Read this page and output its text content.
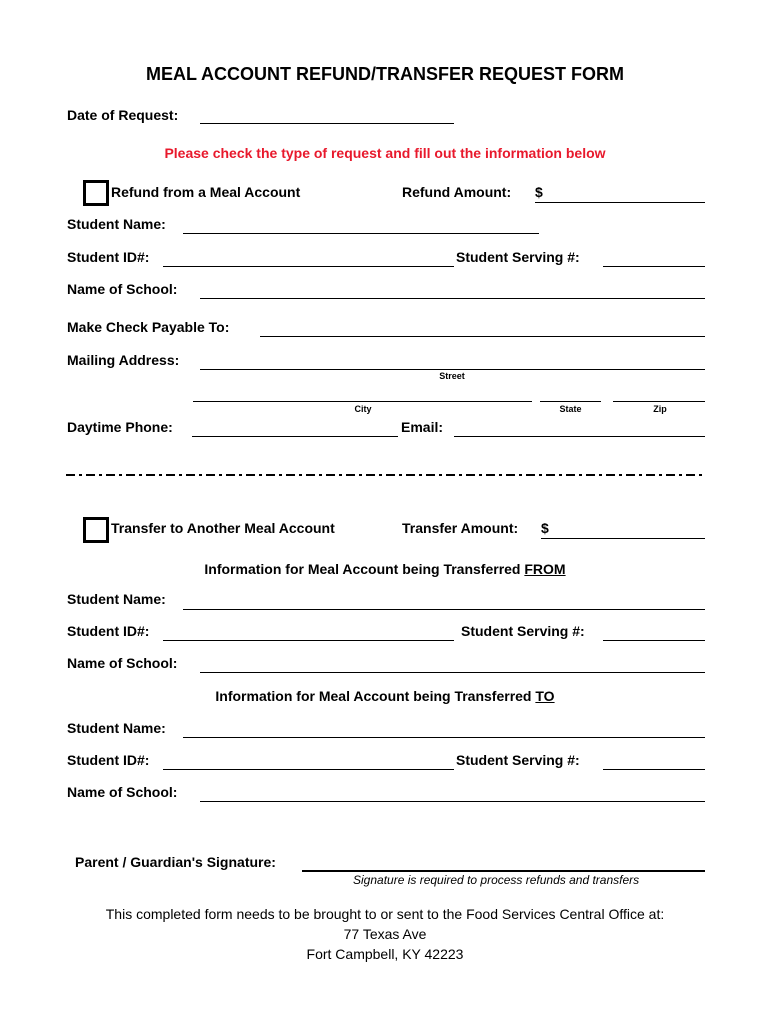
MEAL ACCOUNT REFUND/TRANSFER REQUEST FORM
Date of Request:
Please check the type of request and fill out the information below
Refund from a Meal Account	Refund Amount: $
Student Name:
Student ID#:	Student Serving #:
Name of School:
Make Check Payable To:
Mailing Address:
Street
City	State	Zip
Daytime Phone:	Email:
Transfer to Another Meal Account	Transfer Amount: $
Information for Meal Account being Transferred FROM
Student Name:
Student ID#:	Student Serving #:
Name of School:
Information for Meal Account being Transferred TO
Student Name:
Student ID#:	Student Serving #:
Name of School:
Parent / Guardian's Signature:
Signature is required to process refunds and transfers
This completed form needs to be brought to or sent to the Food Services Central Office at:
77 Texas Ave
Fort Campbell, KY 42223
